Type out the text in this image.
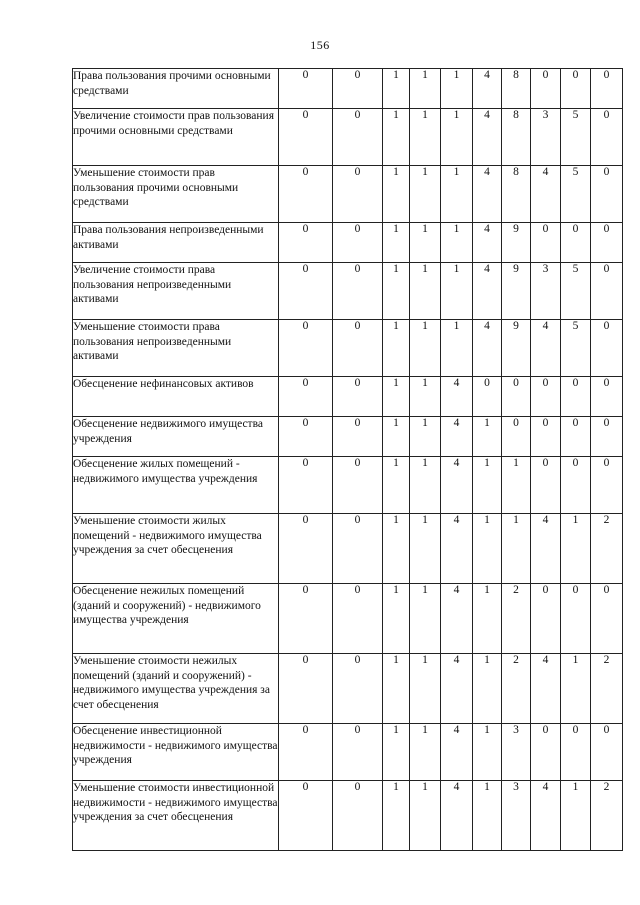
156
Права пользования прочими основными средствами	0	0	1	1	1	4	8	0	0	0
Увеличение стоимости прав пользования прочими основными средствами	0	0	1	1	1	4	8	3	5	0
Уменьшение стоимости прав пользования прочими основными средствами	0	0	1	1	1	4	8	4	5	0
Права пользования непроизведенными активами	0	0	1	1	1	4	9	0	0	0
Увеличение стоимости права пользования непроизведенными активами	0	0	1	1	1	4	9	3	5	0
Уменьшение стоимости права пользования непроизведенными активами	0	0	1	1	1	4	9	4	5	0
Обесценение нефинансовых активов	0	0	1	1	4	0	0	0	0	0
Обесценение недвижимого имущества учреждения	0	0	1	1	4	1	0	0	0	0
Обесценение жилых помещений - недвижимого имущества учреждения	0	0	1	1	4	1	1	0	0	0
Уменьшение стоимости жилых помещений - недвижимого имущества учреждения за счет обесценения	0	0	1	1	4	1	1	4	1	2
Обесценение нежилых помещений (зданий и сооружений) - недвижимого имущества учреждения	0	0	1	1	4	1	2	0	0	0
Уменьшение стоимости нежилых помещений (зданий и сооружений) - недвижимого имущества учреждения за счет обесценения	0	0	1	1	4	1	2	4	1	2
Обесценение инвестиционной недвижимости - недвижимого имущества учреждения	0	0	1	1	4	1	3	0	0	0
Уменьшение стоимости инвестиционной недвижимости - недвижимого имущества учреждения за счет обесценения	0	0	1	1	4	1	3	4	1	2
